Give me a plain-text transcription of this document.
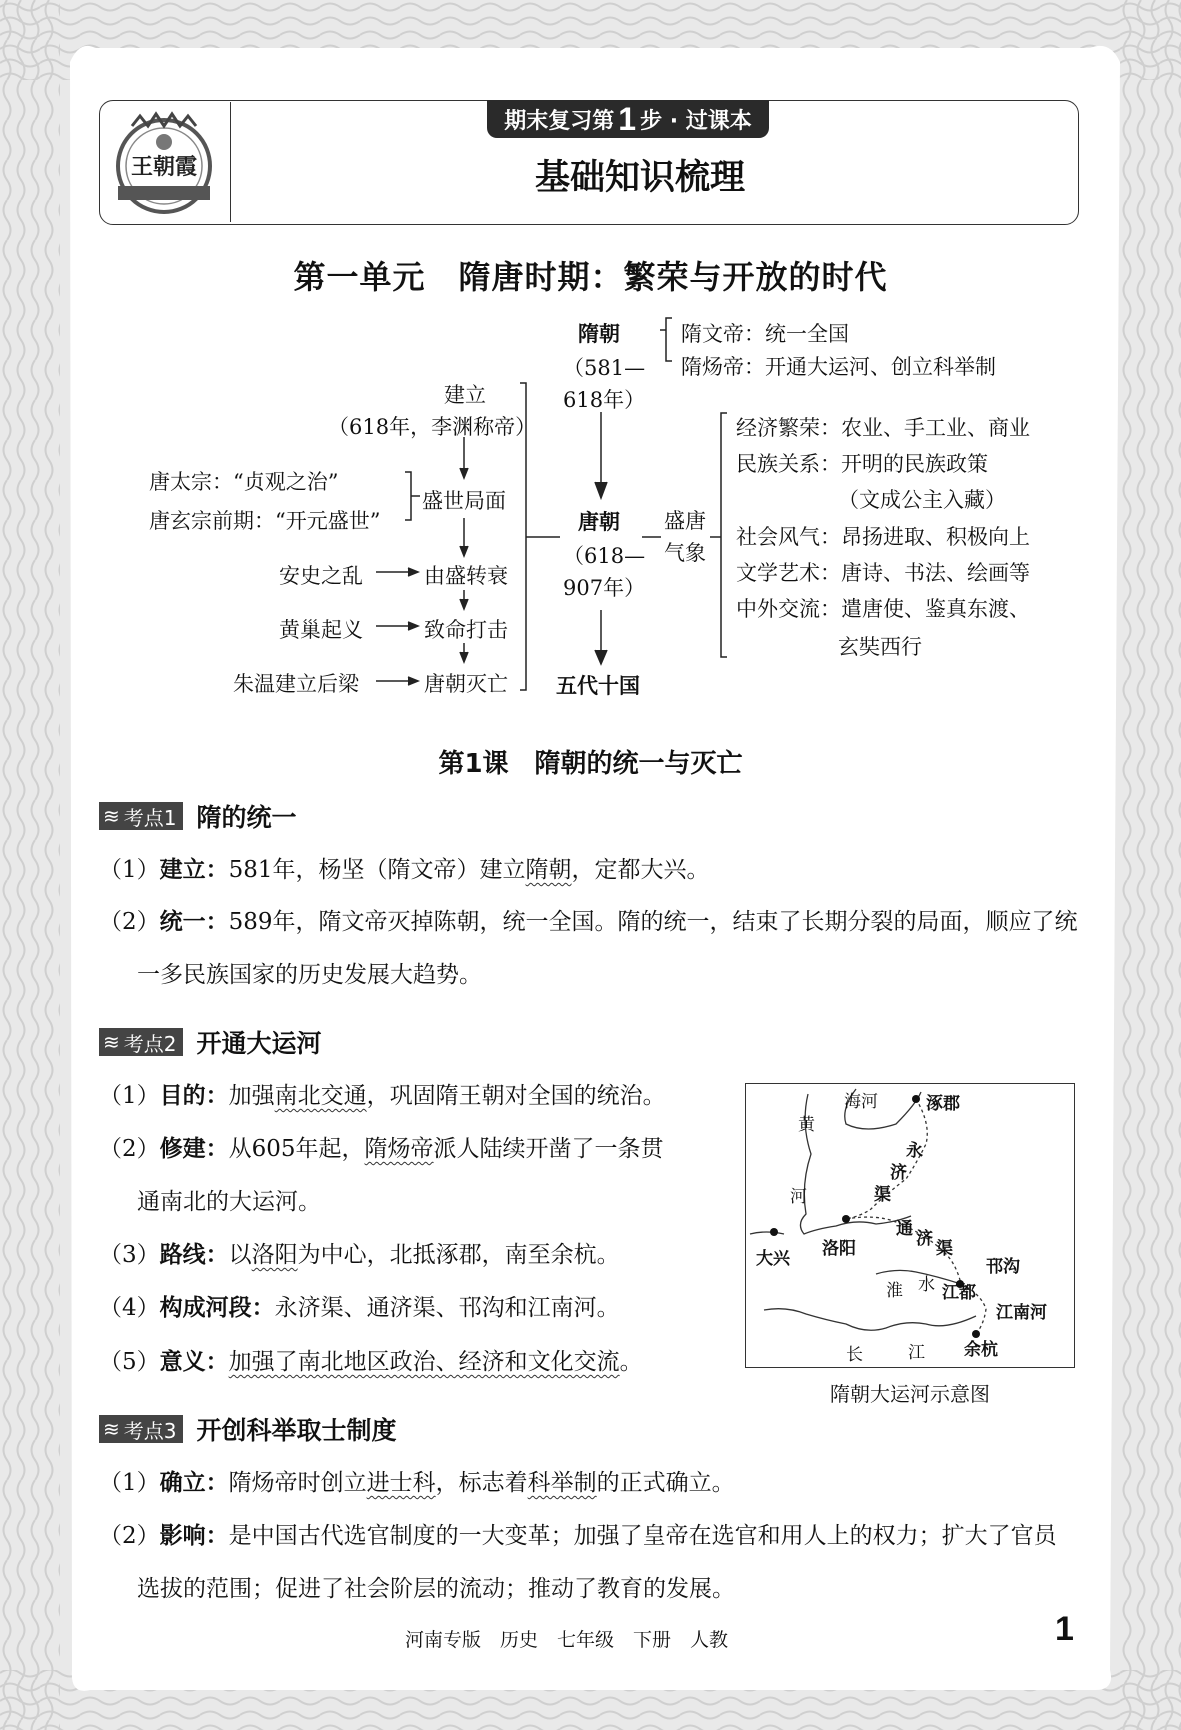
王朝霞
期末复习第 1 步 · 过课本
基础知识梳理
第一单元　隋唐时期：繁荣与开放的时代
隋朝
（581—
618年）
隋文帝：统一全国
隋炀帝：开通大运河、创立科举制
建立
（618年，李渊称帝）
唐太宗：“贞观之治”
唐玄宗前期：“开元盛世”
盛世局面
由盛转衰
致命打击
唐朝灭亡
安史之乱
黄巢起义
朱温建立后梁
唐朝
（618—
907年）
五代十国
盛唐
气象
经济繁荣：农业、手工业、商业
民族关系：开明的民族政策
（文成公主入藏）
社会风气：昂扬进取、积极向上
文学艺术：唐诗、书法、绘画等
中外交流：遣唐使、鉴真东渡、
玄奘西行
第1课　隋朝的统一与灭亡
≋ 考点1 隋的统一
（1）建立：581年，杨坚（隋文帝）建立隋朝，定都大兴。
（2）统一：589年，隋文帝灭掉陈朝，统一全国。隋的统一，结束了长期分裂的局面，顺应了统
一多民族国家的历史发展大趋势。
≋ 考点2 开通大运河
（1）目的：加强南北交通，巩固隋王朝对全国的统治。
（2）修建：从605年起，隋炀帝派人陆续开凿了一条贯
通南北的大运河。
（3）路线：以洛阳为中心，北抵涿郡，南至余杭。
（4）构成河段：永济渠、通济渠、邗沟和江南河。
（5）意义：加强了南北地区政治、经济和文化交流。
海河	涿郡
黄
河
永
济
渠
大兴 洛阳
通 济 渠
邗沟
淮 水 江都
江南河
长	江 余杭
隋朝大运河示意图
≋ 考点3 开创科举取士制度
（1）确立：隋炀帝时创立进士科，标志着科举制的正式确立。
（2）影响：是中国古代选官制度的一大变革；加强了皇帝在选官和用人上的权力；扩大了官员
选拔的范围；促进了社会阶层的流动；推动了教育的发展。
河南专版　历史　七年级　下册　人教	1
